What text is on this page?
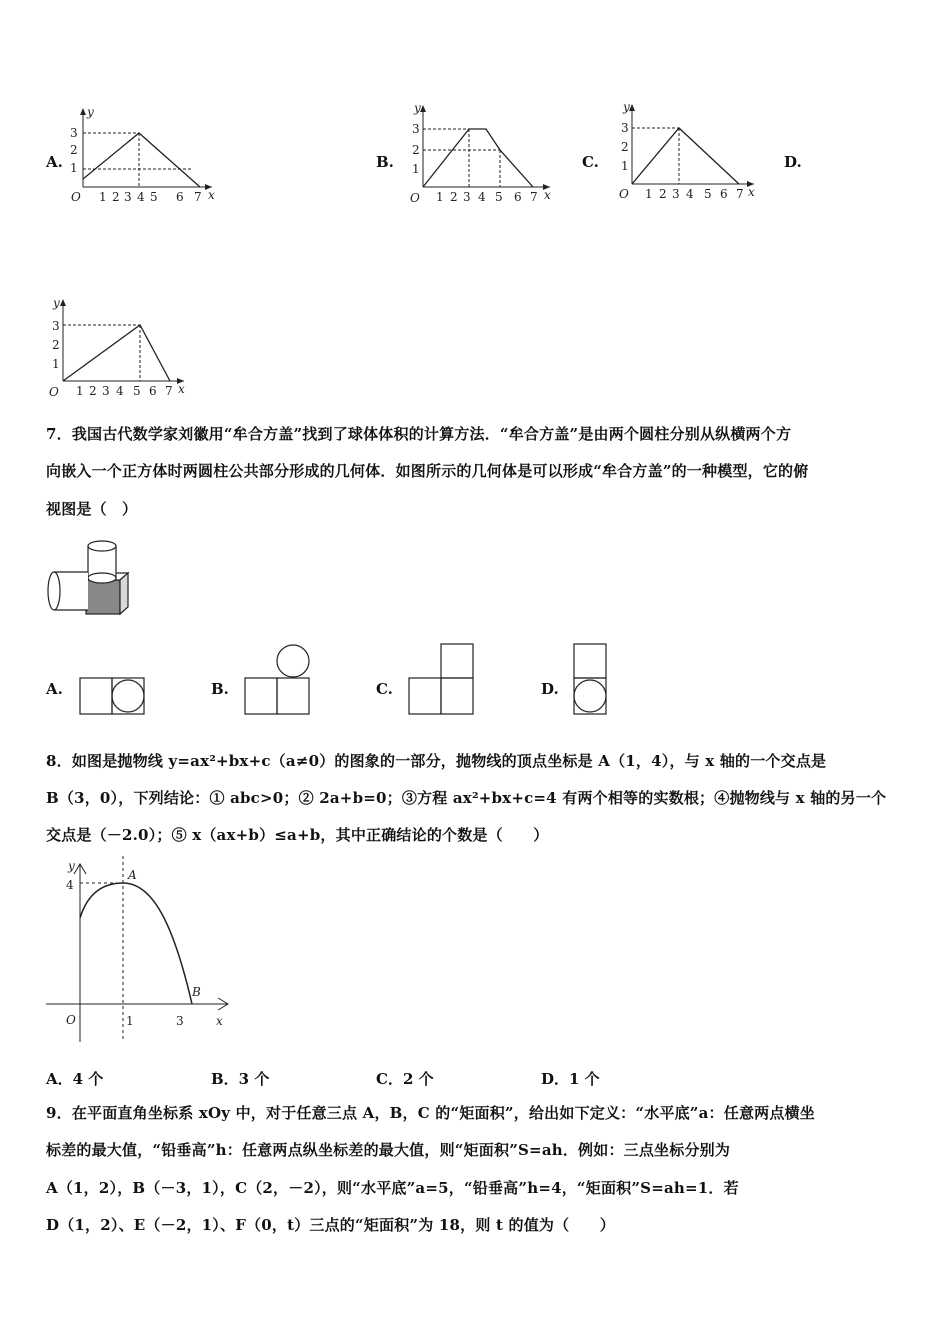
A.	B.	C.	D.
y
x
O
1
2
3
1 2 3 4 5 6 7
y
x
O
1
2
3
1 2 3 4 5 6 7
y
x
O
1
2
3
1 2 3 4 5 6 7
y
x
O
1
2
3
1 2 3 4 5 6 7
7．我国古代数学家刘徽用“牟合方盖”找到了球体体积的计算方法．“牟合方盖”是由两个圆柱分别从纵横两个方
向嵌入一个正方体时两圆柱公共部分形成的几何体．如图所示的几何体是可以形成“牟合方盖”的一种模型，它的俯
视图是（　）
A.	B.	C.	D.
8．如图是抛物线 y=ax²+bx+c（a≠0）的图象的一部分，抛物线的顶点坐标是 A（1，4），与 x 轴的一个交点是
B（3，0），下列结论：① abc>0；② 2a+b=0；③方程 ax²+bx+c=4 有两个相等的实数根；④抛物线与 x 轴的另一个
交点是（－2.0）；⑤ x（ax+b）≤a+b，其中正确结论的个数是（　　）
y
x
O
4
1	3
A
B
A．4 个	B．3 个	C．2 个	D．1 个
9．在平面直角坐标系 xOy 中，对于任意三点 A，B，C 的“矩面积”，给出如下定义：“水平底”a：任意两点横坐
标差的最大值，“铅垂高”h：任意两点纵坐标差的最大值，则“矩面积”S=ah．例如：三点坐标分别为
A（1，2），B（－3，1），C（2，－2），则“水平底”a=5，“铅垂高”h=4，“矩面积”S=ah=1．若
D（1，2）、E（－2，1）、F（0，t）三点的“矩面积”为 18，则 t 的值为（　　）
